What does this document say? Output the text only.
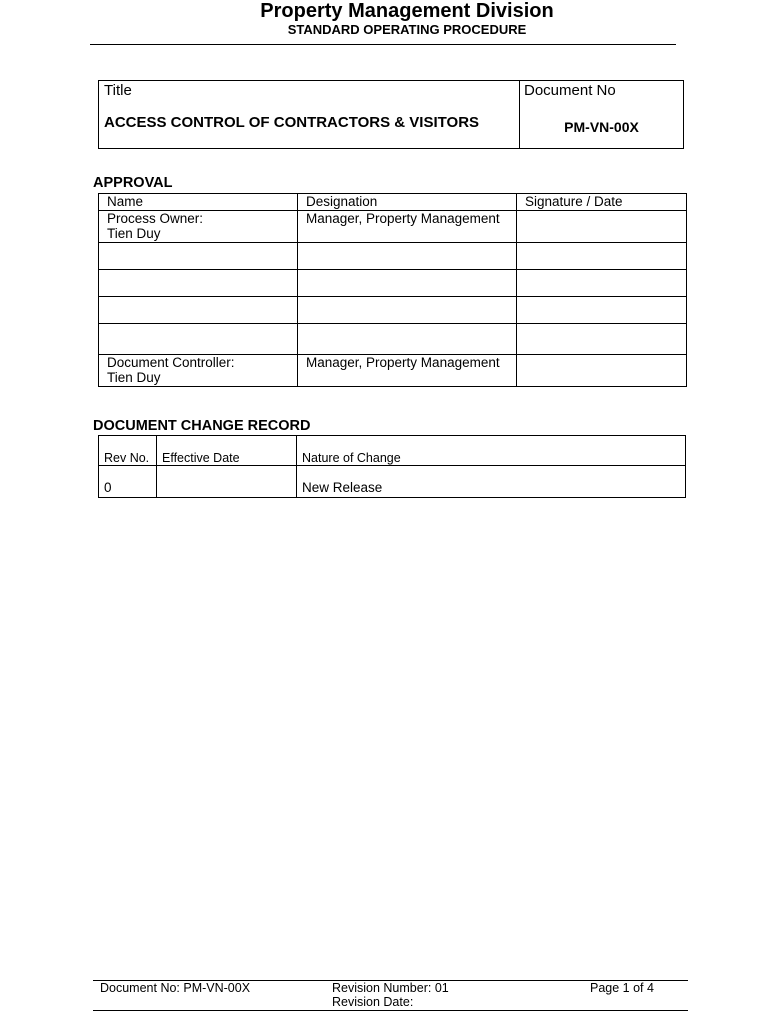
Property Management Division
STANDARD OPERATING PROCEDURE
Title
ACCESS CONTROL OF CONTRACTORS & VISITORS
Document No
PM-VN-00X
APPROVAL
Name	Designation	Signature / Date

Process Owner:
Tien Duy	Manager, Property Management	

Document Controller:
Tien Duy	Manager, Property Management	
DOCUMENT CHANGE RECORD
Rev No.	Effective Date	Nature of Change
0		New Release
Document No: PM-VN-00X	Revision Number: 01
Revision Date:
Page 1 of 4
